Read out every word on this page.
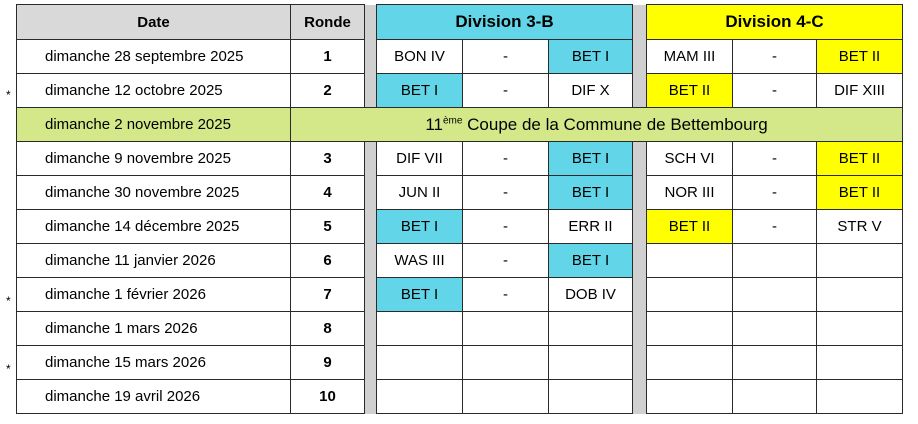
*
*
*
Date	Ronde		Division 3-B				Division 4-C		
dimanche 28 septembre 2025	1		BON IV	-	BET I		MAM III	-	BET II
dimanche 12 octobre 2025	2		BET I	-	DIF X		BET II	-	DIF XIII
dimanche 2 novembre 2025	11ème Coupe de la Commune de Bettembourg								
dimanche 9 novembre 2025	3		DIF VII	-	BET I		SCH VI	-	BET II
dimanche 30 novembre 2025	4		JUN II	-	BET I		NOR III	-	BET II
dimanche 14 décembre 2025	5		BET I	-	ERR II		BET II	-	STR V
dimanche 11 janvier 2026	6		WAS III	-	BET I				
dimanche 1 février 2026	7		BET I	-	DOB IV				
dimanche 1 mars 2026	8								
dimanche 15 mars 2026	9								
dimanche 19 avril 2026	10								
